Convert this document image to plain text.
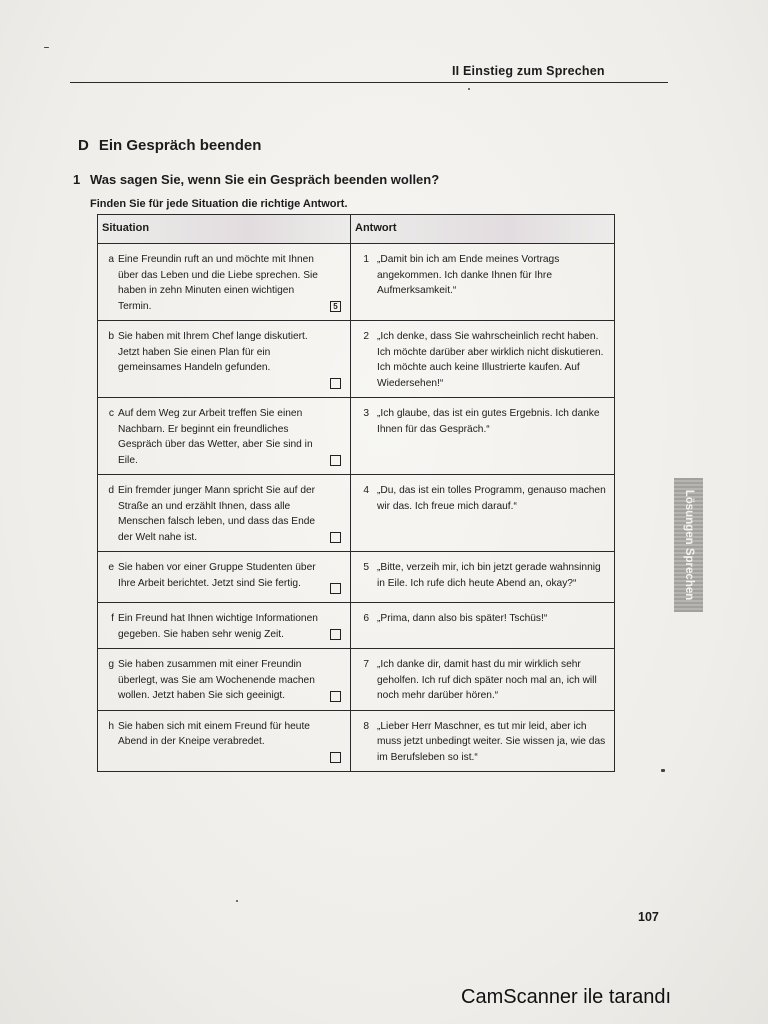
II Einstieg zum Sprechen
D Ein Gespräch beenden
1 Was sagen Sie, wenn Sie ein Gespräch beenden wollen?
Finden Sie für jede Situation die richtige Antwort.
Situation	Antwort

a Eine Freundin ruft an und möchte mit Ihnen über das Leben und die Liebe sprechen. Sie haben in zehn Minuten einen wichtigen Termin. 5	1 „Damit bin ich am Ende meines Vortrags angekommen. Ich danke Ihnen für Ihre Aufmerksamkeit.“

b Sie haben mit Ihrem Chef lange diskutiert. Jetzt haben Sie einen Plan für ein gemeinsames Handeln gefunden.	2 „Ich denke, dass Sie wahrscheinlich recht haben. Ich möchte darüber aber wirklich nicht diskutieren. Ich möchte auch keine Illustrierte kaufen. Auf Wiedersehen!“

c Auf dem Weg zur Arbeit treffen Sie einen Nachbarn. Er beginnt ein freundliches Gespräch über das Wetter, aber Sie sind in Eile.	3 „Ich glaube, das ist ein gutes Ergebnis. Ich danke Ihnen für das Gespräch.“

d Ein fremder junger Mann spricht Sie auf der Straße an und erzählt Ihnen, dass alle Menschen falsch leben, und dass das Ende der Welt nahe ist.	4 „Du, das ist ein tolles Programm, genauso machen wir das. Ich freue mich darauf.“

e Sie haben vor einer Gruppe Studenten über Ihre Arbeit berichtet. Jetzt sind Sie fertig.	5 „Bitte, verzeih mir, ich bin jetzt gerade wahnsinnig in Eile. Ich rufe dich heute Abend an, okay?“

f Ein Freund hat Ihnen wichtige Informationen gegeben. Sie haben sehr wenig Zeit.	6 „Prima, dann also bis später! Tschüs!“

g Sie haben zusammen mit einer Freundin überlegt, was Sie am Wochenende machen wollen. Jetzt haben Sie sich geeinigt.	7 „Ich danke dir, damit hast du mir wirklich sehr geholfen. Ich ruf dich später noch mal an, ich will noch mehr darüber hören.“

h Sie haben sich mit einem Freund für heute Abend in der Kneipe verabredet.	8 „Lieber Herr Maschner, es tut mir leid, aber ich muss jetzt unbedingt weiter. Sie wissen ja, wie das im Berufsleben so ist.“
Lösungen Sprechen
107
CamScanner ile tarandı
